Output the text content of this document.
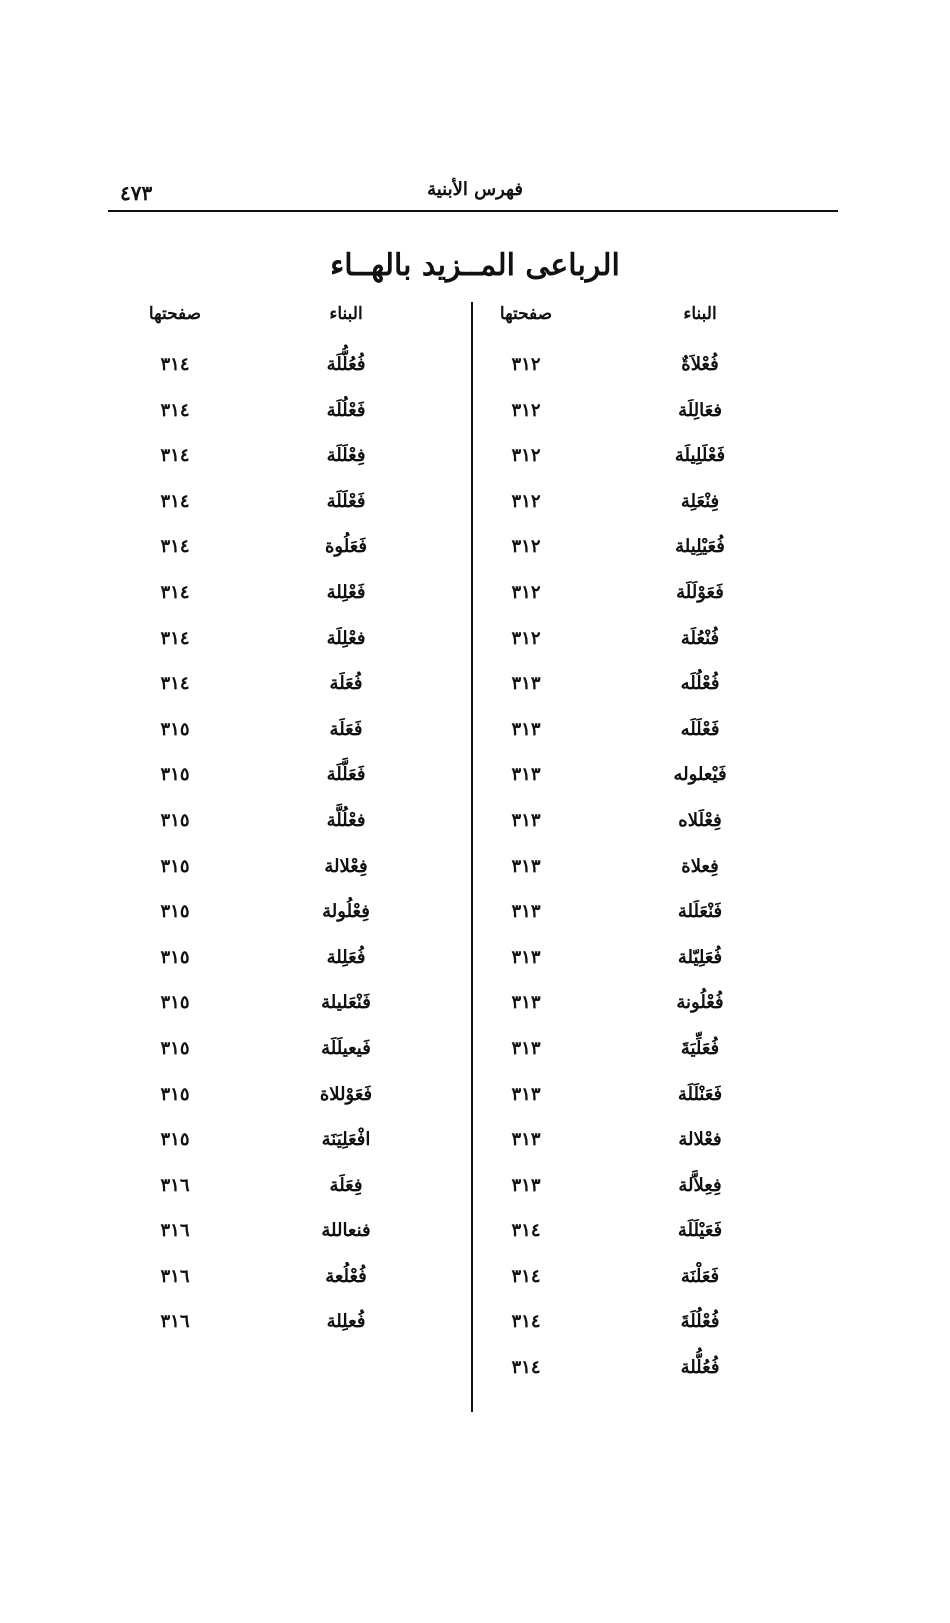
٤٧٣	فهرس الأبنية
الرباعى المــزيد بالهــاء
البناء
صفحتها
البناء
صفحتها
فُعْلاَةٌ
٣١٢
فعَالِلَة
٣١٢
فَعْلَلِيلَة
٣١٢
فِنْعَلِة
٣١٢
فُعَيْلِيلة
٣١٢
فَعَوْلَلَة
٣١٢
فُنْعُلَة
٣١٢
فُعْلُلَه
٣١٣
فَعْلَلَه
٣١٣
فَيْعلوله
٣١٣
فِعْلَلاه
٣١٣
فِعلاة
٣١٣
فَنْعَلَلة
٣١٣
فُعَلِيّلة
٣١٣
فُعْلُونة
٣١٣
فُعَلِّيَةَ
٣١٣
فَعَنْلَلَة
٣١٣
فعْلالة
٣١٣
فِعِلاَّلة
٣١٣
فَعَيْلَلَة
٣١٤
فَعَلْنَة
٣١٤
فُعْلُلَةَ
٣١٤
فُعُلُّلة
٣١٤
فُعُلُّلَة
٣١٤
فَعْلُلَة
٣١٤
فِعْلَلَة
٣١٤
فَعْلَلَة
٣١٤
فَعَلُوة
٣١٤
فَعْلِلة
٣١٤
فعْلِلَة
٣١٤
فُعَلَة
٣١٤
فَعَلَة
٣١٥
فَعَلَّلَة
٣١٥
فعْلُلَّة
٣١٥
فِعْلالة
٣١٥
فِعْلُولة
٣١٥
فُعَلِلة
٣١٥
فَنْعَليلة
٣١٥
فَيعيلَلَة
٣١٥
فَعَوْللاة
٣١٥
افْعَلِيَنَة
٣١٥
فِعَلَة
٣١٦
فنعاللة
٣١٦
فُعْلُعة
٣١٦
فُعلِلة
٣١٦
